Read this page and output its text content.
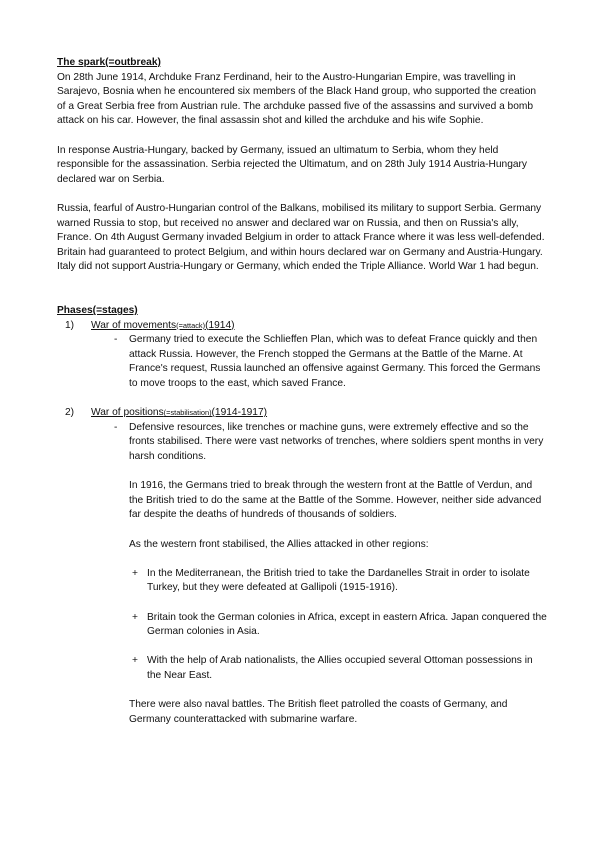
The spark(=outbreak)

On 28th June 1914, Archduke Franz Ferdinand, heir to the Austro-Hungarian Empire, was travelling in Sarajevo, Bosnia when he encountered six members of the Black Hand group, who supported the creation of a Great Serbia free from Austrian rule. The archduke passed five of the assassins and survived a bomb attack on his car. However, the final assassin shot and killed the archduke and his wife Sophie.

In response Austria-Hungary, backed by Germany, issued an ultimatum to Serbia, whom they held responsible for the assassination. Serbia rejected the Ultimatum, and on 28th July 1914 Austria-Hungary declared war on Serbia.

Russia, fearful of Austro-Hungarian control of the Balkans, mobilised its military to support Serbia. Germany warned Russia to stop, but received no answer and declared war on Russia, and then on Russia's ally, France. On 4th August Germany invaded Belgium in order to attack France where it was less well-defended. Britain had guaranteed to protect Belgium, and within hours declared war on Germany and Austria-Hungary. Italy did not support Austria-Hungary or Germany, which ended the Triple Alliance. World War 1 had begun.

Phases(=stages)

1) War of movements(=attack)(1914)
- Germany tried to execute the Schlieffen Plan, which was to defeat France quickly and then attack Russia. However, the French stopped the Germans at the Battle of the Marne. At France's request, Russia launched an offensive against Germany. This forced the Germans to move troops to the east, which saved France.
2) War of positions(=stabilisation)(1914-1917)
- Defensive resources, like trenches or machine guns, were extremely effective and so the fronts stabilised. There were vast networks of trenches, where soldiers spent months in very harsh conditions.

In 1916, the Germans tried to break through the western front at the Battle of Verdun, and the British tried to do the same at the Battle of the Somme. However, neither side advanced far despite the deaths of hundreds of thousands of soldiers.

As the western front stabilised, the Allies attacked in other regions:

+ In the Mediterranean, the British tried to take the Dardanelles Strait in order to isolate Turkey, but they were defeated at Gallipoli (1915-1916).
+ Britain took the German colonies in Africa, except in eastern Africa. Japan conquered the German colonies in Asia.
+ With the help of Arab nationalists, the Allies occupied several Ottoman possessions in the Near East.

There were also naval battles. The British fleet patrolled the coasts of Germany, and Germany counterattacked with submarine warfare.
